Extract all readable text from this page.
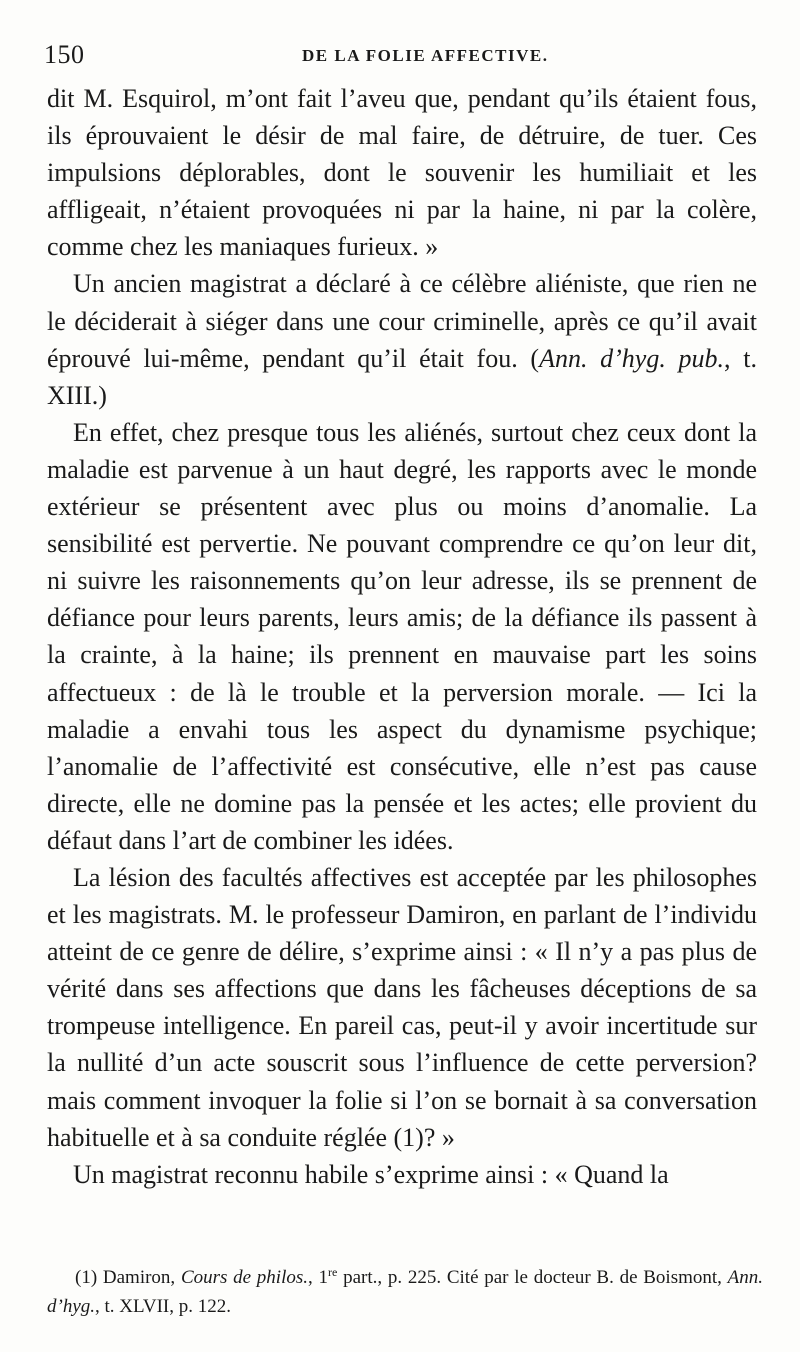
150	DE LA FOLIE AFFECTIVE.

dit M. Esquirol, m’ont fait l’aveu que, pendant qu’ils étaient fous, ils éprouvaient le désir de mal faire, de détruire, de tuer. Ces impulsions déplorables, dont le souvenir les humiliait et les affligeait, n’étaient provoquées ni par la haine, ni par la colère, comme chez les maniaques furieux. »

Un ancien magistrat a déclaré à ce célèbre aliéniste, que rien ne le déciderait à siéger dans une cour criminelle, après ce qu’il avait éprouvé lui-même, pendant qu’il était fou. (Ann. d’hyg. pub., t. XIII.)

En effet, chez presque tous les aliénés, surtout chez ceux dont la maladie est parvenue à un haut degré, les rapports avec le monde extérieur se présentent avec plus ou moins d’anomalie. La sensibilité est pervertie. Ne pouvant comprendre ce qu’on leur dit, ni suivre les raisonnements qu’on leur adresse, ils se prennent de défiance pour leurs parents, leurs amis; de la défiance ils passent à la crainte, à la haine; ils prennent en mauvaise part les soins affectueux : de là le trouble et la perversion morale. — Ici la maladie a envahi tous les aspect du dynamisme psychique; l’anomalie de l’affectivité est consécutive, elle n’est pas cause directe, elle ne domine pas la pensée et les actes; elle provient du défaut dans l’art de combiner les idées.

La lésion des facultés affectives est acceptée par les philosophes et les magistrats. M. le professeur Damiron, en parlant de l’individu atteint de ce genre de délire, s’exprime ainsi : « Il n’y a pas plus de vérité dans ses affections que dans les fâcheuses déceptions de sa trompeuse intelligence. En pareil cas, peut-il y avoir incertitude sur la nullité d’un acte souscrit sous l’influence de cette perversion? mais comment invoquer la folie si l’on se bornait à sa conversation habituelle et à sa conduite réglée (1)? »

Un magistrat reconnu habile s’exprime ainsi : « Quand la

(1) Damiron, Cours de philos., 1re part., p. 225. Cité par le docteur B. de Boismont, Ann. d’hyg., t. XLVII, p. 122.
